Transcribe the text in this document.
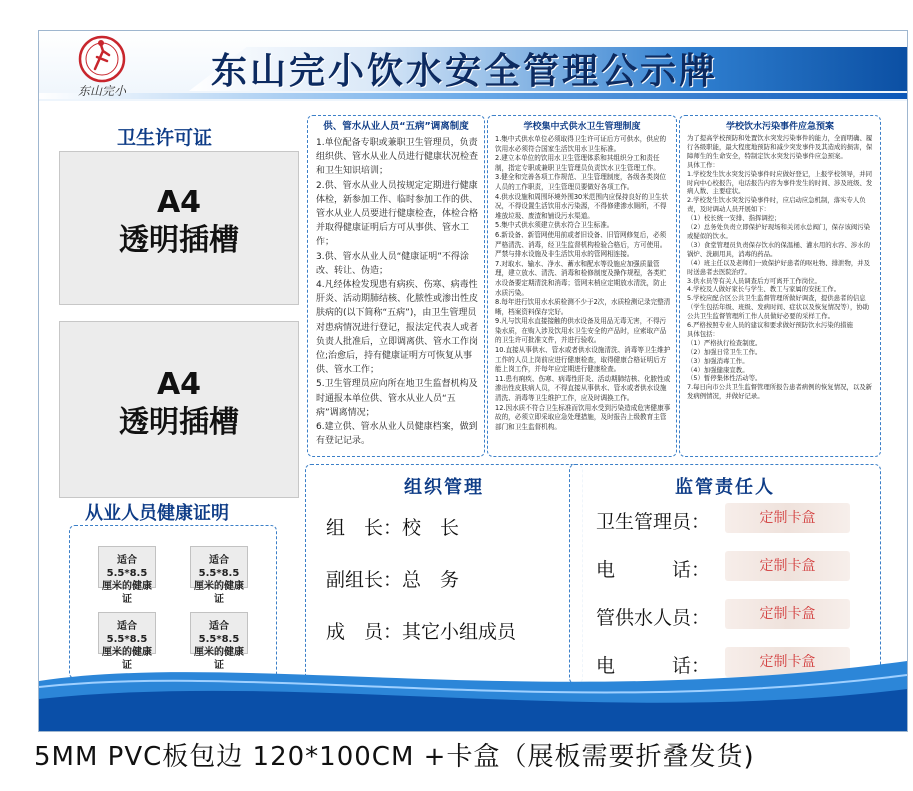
东山完小 东山完小饮水安全管理公示牌
卫生许可证
A4
透明插槽
A4
透明插槽
从业人员健康证明
适合5.5*8.5
厘米的健康证
适合5.5*8.5
厘米的健康证
适合5.5*8.5
厘米的健康证
适合5.5*8.5
厘米的健康证
供、管水从业人员“五病”调离制度

1.单位配备专职或兼职卫生管理员，负责组织供、管水从业人员进行健康状况检查和卫生知识培训；

2.供、管水从业人员按规定定期进行健康体检，新参加工作、临时参加工作的供、管水从业人员要进行健康检查，体检合格并取得健康证明后方可从事供、管水工作；

3.供、管水从业人员“健康证明”不得涂改、转让、伪造；

4.凡经体检发现患有病疾、伤寒、病毒性肝炎、活动期肺结核、化脓性或渗出性皮肤病的(以下简称“五病”)，由卫生管理员对患病情况进行登记，报法定代表人或者负责人批准后，立即调离供、管水工作岗位;治愈后，持有健康证明方可恢复从事供、管水工作；

5.卫生管理员应向所在地卫生监督机构及时通报本单位供、管水从业人员“五病”调离情况；

6.建立供、管水从业人员健康档案，做到有登记记录。

学校集中式供水卫生管理制度

1.集中式供水单位必须取得卫生许可证后方可供水，供应的饮用水必须符合国家生活饮用水卫生标准。

2.建立本单位的饮用水卫生管理体系和其组织分工和责任制，指定专职或兼职卫生管理员负责饮水卫生管理工作。

3.健全和完善各项工作规范、卫生管理制度，各级各类岗位人员的工作职责，卫生管理员要做好各项工作。

4.供水设施和周围环境外围30米范围内应保持良好的卫生状况，不得设置生活饮用水污染源，不得修建渗水厕所，不得堆放垃圾、废渣和铺设污水渠道。

5.集中式供水须建立供水符合卫生标准。

6.新设备、新管网使用前或者旧设备、旧管网修复后，必须严格清洗、消毒，经卫生监督机构检验合格后，方可使用。严禁与排水设施及非生活饮用水的管网相连接。

7.对取水、输水、净水、蓄水和配水等设施应加强质量管理，建立放水、清洗、消毒和检修制度及操作规程，各类贮水设备要定期清洗和消毒；管网末梢应定期放水清洗，防止水质污染。

8.每年进行饮用水水质检测不少于2次，水质检测记录完整清晰，档案资料保存完好。

9.凡与饮用水直接接触的供水设备及用品无毒无害，不得污染水质，在购入涉及饮用水卫生安全的产品时，应索取产品的卫生许可批准文件，并进行验收。

10.直接从事供水、管水或者供水设施清洗、消毒等卫生维护工作的人员上岗前应进行健康检查，取得健康合格证明后方能上岗工作，并每年应定期进行健康检查。

11.患有痢疾、伤寒、病毒性肝炎、活动期肺结核、化脓性或渗出性皮肤病人员，不得直接从事供水、管水或者供水设施清洗、消毒等卫生维护工作，应及时调换工作。

12.因水质不符合卫生标准而饮用水受到污染造成危害健康事故的，必须立即采取应急处理措施，及时报告上级教育主管部门和卫生监督机构。

学校饮水污染事件应急预案

为了提高学校预防和处置饮水突发污染事件的能力，全面明确、履行各级职能，最大程度地预防和减少突发事件及其造成的损害，保障师生的生命安全，特制定饮水突发污染事件应急预案。

具体工作：

1.学校发生饮水突发污染事件时应做好登记，上报学校领导，并同时向中心校报告，电话报告内容为事件发生的时间、涉及班级、发病人数、主要症状。

2.学校发生饮水突发污染事件时，应启动应急机制，落实专人负责，及时调动人员开展如下：

（1）校长统一安排、指挥调控；

（2）总务处负责立即保护好现场和关闭水总阀门，保存该阀污染或疑似的饮水。

（3）食堂管理员负责保存饮水的保温桶、灌水用的水容、涉水的锅炉、洗刷用具，消毒的药品。

（4）班主任以及老师们一致保护好患者的呕吐物、排泄物，并及时送患者去医院治疗。

3.供水员等有关人员调查后方可离开工作岗位。

4.学校及人做好家长与学生、教工与家属的安抚工作。

5.学校应配合区公共卫生监督管理所做好调查，提供患者的信息（学生包括年级、班级、发病时间、症状以及恢复情况等），协助公共卫生监督管理所工作人员做好必要的采样工作。

6.严格按照专业人员的建议和要求做好预防饮水污染的措施

具体包括：

（1）严格执行检查制度。

（2）加强日常卫生工作。

（3）加强消毒工作。

（4）加强健康宣教。

（5）暂停集体性活动等。

7.每日向市公共卫生监督管理所报告患者病例的恢复情况，以及新发病例情况，并做好记录。

组织管理
组　长：校　长
副组长：总　务
成　员：其它小组成员
监管责任人
卫生管理员：	定制卡盒
电　　　话：	定制卡盒
管供水人员：	定制卡盒
电　　　话：	定制卡盒
5MM PVC板包边 120*100CM +卡盒（展板需要折叠发货)
